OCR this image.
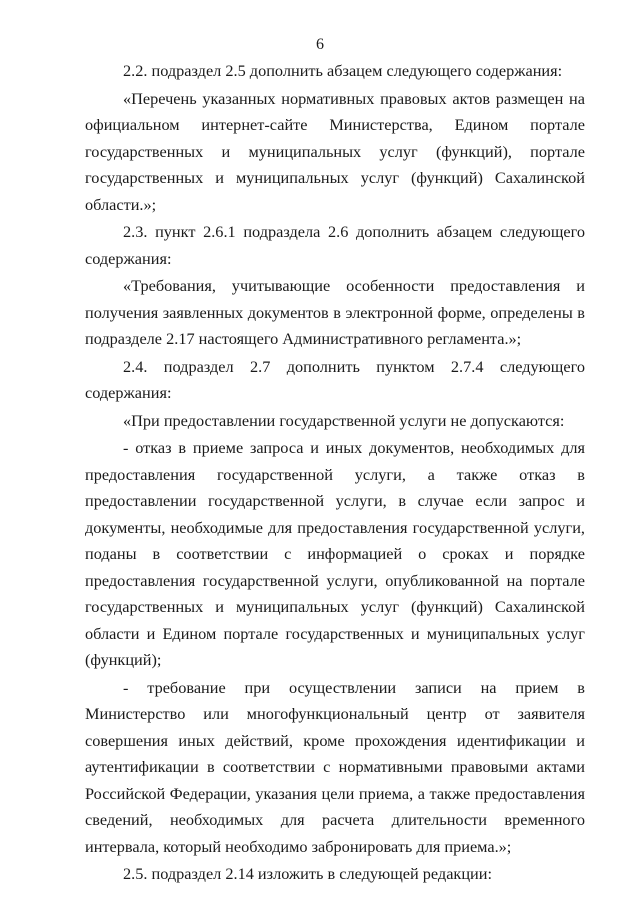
6

2.2. подраздел 2.5 дополнить абзацем следующего содержания:

«Перечень указанных нормативных правовых актов размещен на официальном интернет-сайте Министерства, Едином портале государственных и муниципальных услуг (функций), портале государственных и муниципальных услуг (функций) Сахалинской области.»;

2.3. пункт 2.6.1 подраздела 2.6 дополнить абзацем следующего содержания:

«Требования, учитывающие особенности предоставления и получения заявленных документов в электронной форме, определены в подразделе 2.17 настоящего Административного регламента.»;

2.4. подраздел 2.7 дополнить пунктом 2.7.4 следующего содержания:

«При предоставлении государственной услуги не допускаются:

- отказ в приеме запроса и иных документов, необходимых для предоставления государственной услуги, а также отказ в предоставлении государственной услуги, в случае если запрос и документы, необходимые для предоставления государственной услуги, поданы в соответствии с информацией о сроках и порядке предоставления государственной услуги, опубликованной на портале государственных и муниципальных услуг (функций) Сахалинской области и Едином портале государственных и муниципальных услуг (функций);

- требование при осуществлении записи на прием в Министерство или многофункциональный центр от заявителя совершения иных действий, кроме прохождения идентификации и аутентификации в соответствии с нормативными правовыми актами Российской Федерации, указания цели приема, а также предоставления сведений, необходимых для расчета длительности временного интервала, который необходимо забронировать для приема.»;

2.5. подраздел 2.14 изложить в следующей редакции:
